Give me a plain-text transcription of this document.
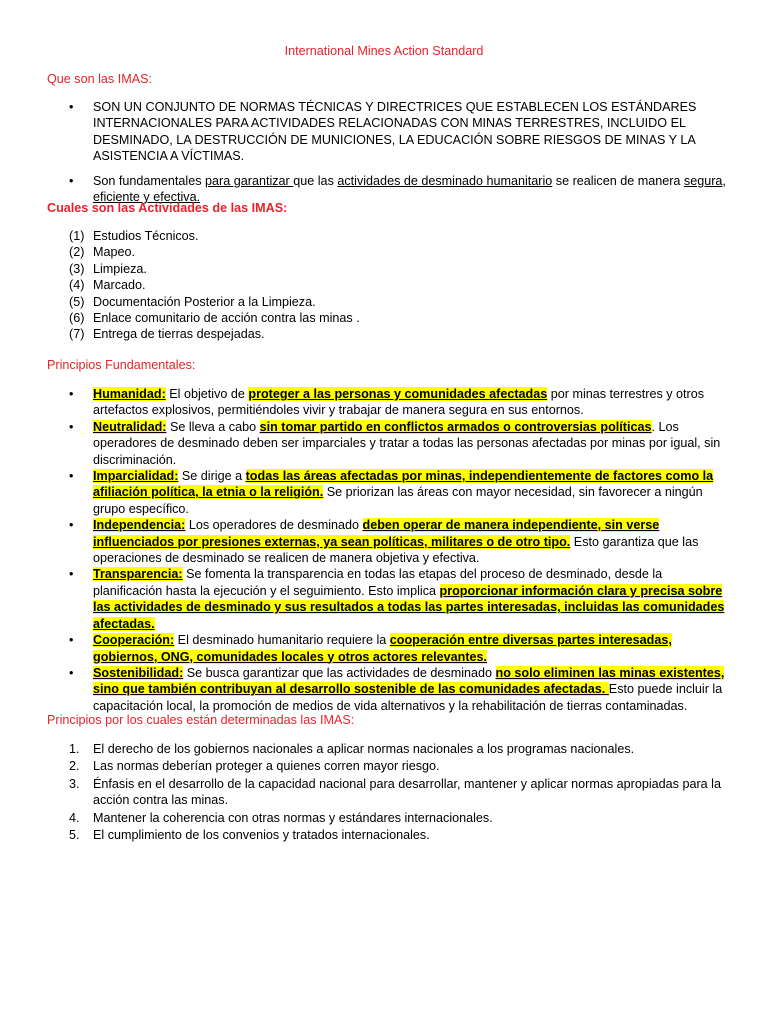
International Mines Action Standard
Que son las IMAS:
•
SON UN CONJUNTO DE NORMAS TÉCNICAS Y DIRECTRICES QUE ESTABLECEN LOS ESTÁNDARES INTERNACIONALES PARA ACTIVIDADES RELACIONADAS CON MINAS TERRESTRES, INCLUIDO EL DESMINADO, LA DESTRUCCIÓN DE MUNICIONES, LA EDUCACIÓN SOBRE RIESGOS DE MINAS Y LA ASISTENCIA A VÍCTIMAS.
•
Son fundamentales para garantizar que las actividades de desminado humanitario se realicen de manera segura, eficiente y efectiva.
Cuales son las Actividades de las IMAS:
(1) Estudios Técnicos.
(2) Mapeo.
(3) Limpieza.
(4) Marcado.
(5) Documentación Posterior a la Limpieza.
(6) Enlace comunitario de acción contra las minas .
(7) Entrega de tierras despejadas.
Principios Fundamentales:
•
Humanidad: El objetivo de proteger a las personas y comunidades afectadas por minas terrestres y otros artefactos explosivos, permitiéndoles vivir y trabajar de manera segura en sus entornos.
•
Neutralidad: Se lleva a cabo sin tomar partido en conflictos armados o controversias políticas. Los operadores de desminado deben ser imparciales y tratar a todas las personas afectadas por minas por igual, sin discriminación.
•
Imparcialidad: Se dirige a todas las áreas afectadas por minas, independientemente de factores como la afiliación política, la etnia o la religión. Se priorizan las áreas con mayor necesidad, sin favorecer a ningún grupo específico.
•
Independencia: Los operadores de desminado deben operar de manera independiente, sin verse influenciados por presiones externas, ya sean políticas, militares o de otro tipo. Esto garantiza que las operaciones de desminado se realicen de manera objetiva y efectiva.
•
Transparencia: Se fomenta la transparencia en todas las etapas del proceso de desminado, desde la planificación hasta la ejecución y el seguimiento. Esto implica proporcionar información clara y precisa sobre las actividades de desminado y sus resultados a todas las partes interesadas, incluidas las comunidades afectadas.
•
Cooperación: El desminado humanitario requiere la cooperación entre diversas partes interesadas, gobiernos, ONG, comunidades locales y otros actores relevantes.
•
Sostenibilidad: Se busca garantizar que las actividades de desminado no solo eliminen las minas existentes, sino que también contribuyan al desarrollo sostenible de las comunidades afectadas. Esto puede incluir la capacitación local, la promoción de medios de vida alternativos y la rehabilitación de tierras contaminadas.
Principios por los cuales están determinadas las IMAS:
1.	El derecho de los gobiernos nacionales a aplicar normas nacionales a los programas nacionales.
2.	Las normas deberían proteger a quienes corren mayor riesgo.
3.	Énfasis en el desarrollo de la capacidad nacional para desarrollar, mantener y aplicar normas apropiadas para la acción contra las minas.
4.	Mantener la coherencia con otras normas y estándares internacionales.
5.	El cumplimiento de los convenios y tratados internacionales.
